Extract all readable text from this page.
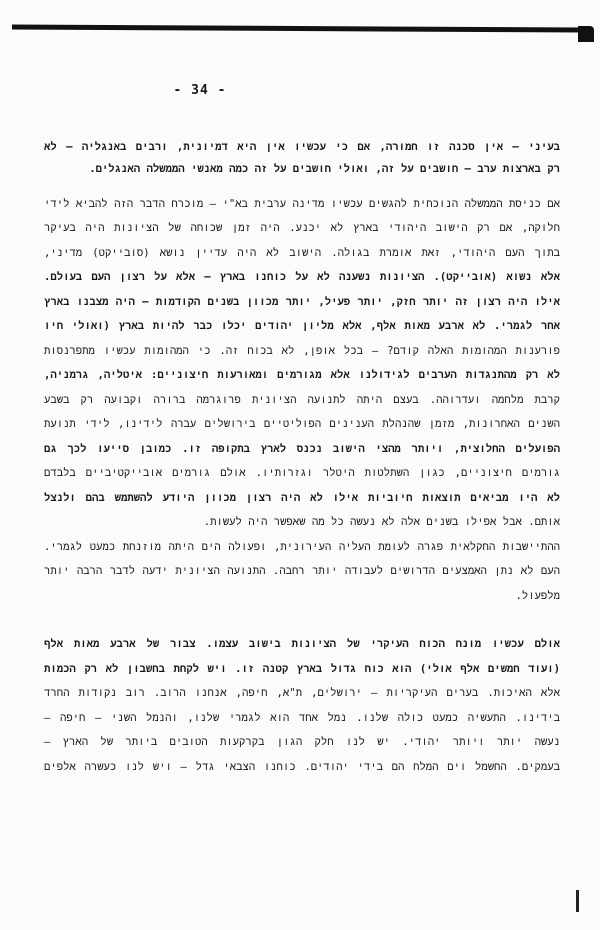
- 34 -
בעיני – אין סכנה זו חמורה, אם כי עכשיו אין היא דמיונית, ורבים באנגליה – לא
רק בארצות ערב – חושבים על זה, ואולי חושבים על זה כמה מאנשי הממשלה האנגלים.
אם כניסת הממשלה הנוכחית להגשים עכשיו מדינה ערבית בא"י – מוכרח הדבר הזה להביא לידי
חלוקה, אם רק הישוב היהודי בארץ לא יכנע. היה זמן שכוחה של הציונות היה בעיקר
בתוך העם היהודי, זאת אומרת בגולה. הישוב לא היה עדיין נושא (סובייקט) מדיני,
אלא נשוא (אובייקט). הציונות נשענה לא על כוחנו בארץ – אלא על רצון העם בעולם.
אילו היה רצון זה יותר חזק, יותר פעיל, יותר מכוון בשנים הקודמות – היה מצבנו בארץ
אחר לגמרי. לא ארבע מאות אלף, אלא מליון יהודים יכלו כבר להיות בארץ (ואולי חיו
פורענות המהומות האלה קודם? – בכל אופן, לא בכוח זה. כי המהומות עכשיו מתפרנסות
לא רק מהתנגדות הערבים לגידולנו אלא מגורמים ומאורעות חיצוניים: איטליה, גרמניה,
קרבת מלחמה ועדרוהה. בעצם היתה לתנועה הציונית פרוגרמה ברורה וקבועה רק בשבע
השנים האחרונות, מזמן שהנהלת הענינים הפוליטיים בירושלים עברה לידינו, לידי תנועת
הפועלים החלוצית, ויותר מהצי הישוב נכנס לארץ בתקופה זו. כמובן סייעו לכך גם
גורמים חיצוניים, כגון השתלטות היטלר וגזרותיו. אולם גורמים אובייקטיביים בלבדם
לא היו מביאים תוצאות חיוביות אילו לא היה רצון מכוון היודע להשתמש בהם ולנצל
אותם. אבל אפילו בשנים אלה לא נעשה כל מה שאפשר היה לעשות.
ההתיישבות החקלאית פגרה לעומת העליה העירונית, ופעולה הים היתה מוזנחת כמעט לגמרי.
העם לא נתן האמצעים הדרושים לעבודה יותר רחבה. התנועה הציונית ידעה לדבר הרבה יותר
מלפעול.
אולם עכשיו מונח הכוח העיקרי של הציונות בישוב עצמו. צבור של ארבע מאות אלף
(ועוד חמשים אלף אולי) הוא כוח גדול בארץ קטנה זו. ויש לקחת בחשבון לא רק הכמות
אלא האיכות. בערים העיקריות – ירושלים, ת"א, חיפה, אנחנו הרוב. רוב נקודות החרד
בידינו. התעשיה כמעט כולה שלנו. נמל אחד הוא לגמרי שלנו, והנמל השני – חיפה –
נעשה יותר ויותר יהודי. יש לנו חלק הגון בקרקעות הטובים ביותר של הארץ –
בעמקים. החשמל וים המלח הם בידי יהודים. כוחנו הצבאי גדל – ויש לנו כעשרה אלפים
